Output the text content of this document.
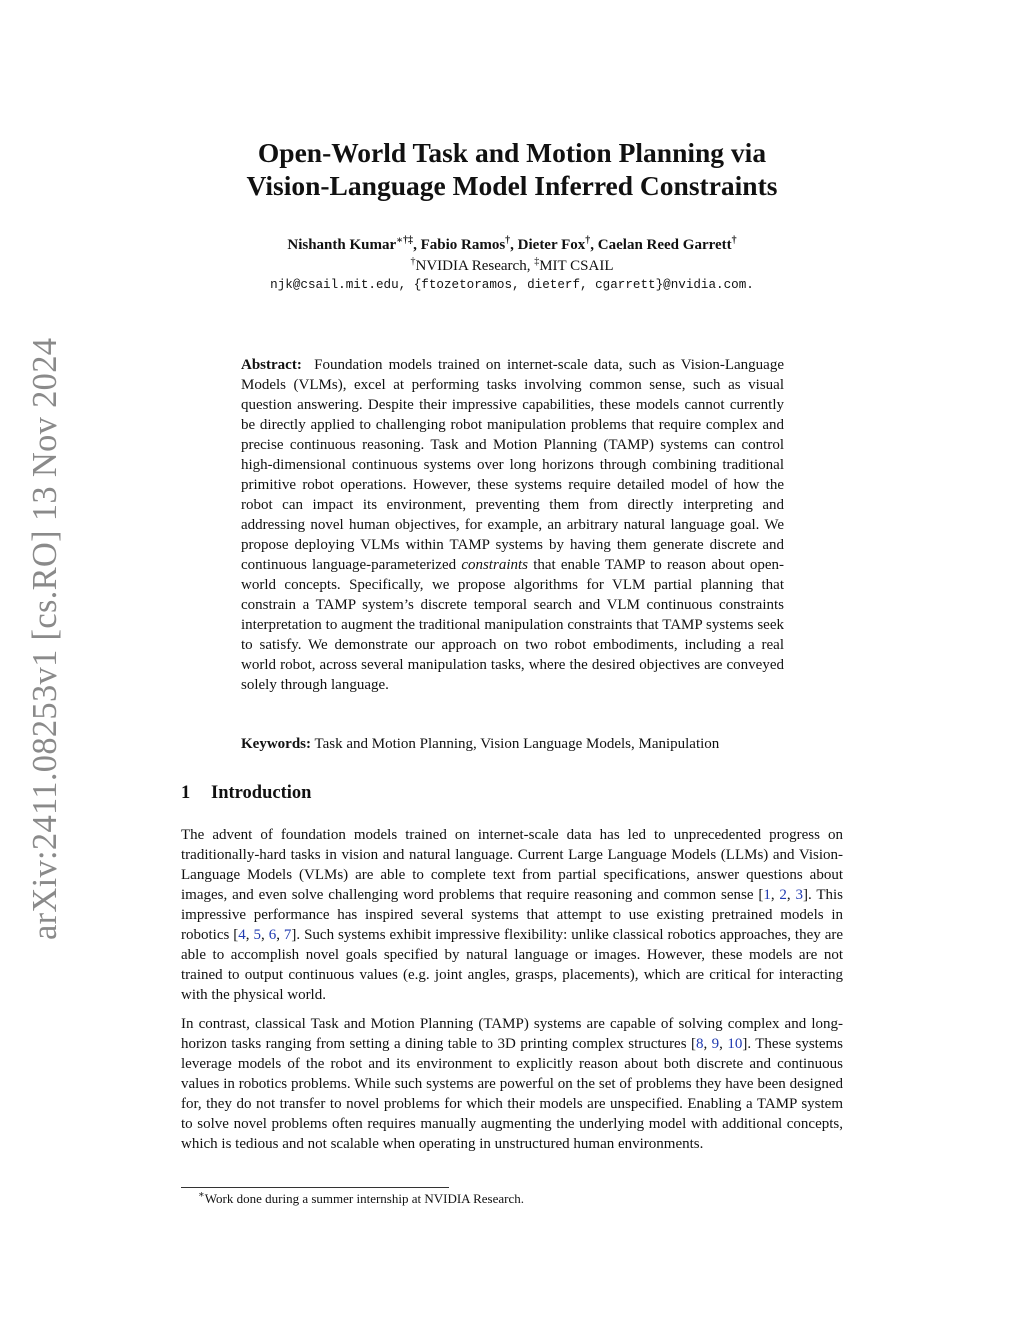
arXiv:2411.08253v1 [cs.RO] 13 Nov 2024
Open-World Task and Motion Planning via
Vision-Language Model Inferred Constraints
Nishanth Kumar∗†‡, Fabio Ramos†, Dieter Fox†, Caelan Reed Garrett†
†NVIDIA Research, ‡MIT CSAIL
njk@csail.mit.edu, {ftozetoramos, dieterf, cgarrett}@nvidia.com.
Abstract: Foundation models trained on internet-scale data, such as Vision-Language Models (VLMs), excel at performing tasks involving common sense, such as visual question answering. Despite their impressive capabilities, these models cannot currently be directly applied to challenging robot manipulation problems that require complex and precise continuous reasoning. Task and Motion Planning (TAMP) systems can control high-dimensional continuous systems over long horizons through combining traditional primitive robot operations. However, these systems require detailed model of how the robot can impact its environment, preventing them from directly interpreting and addressing novel human objectives, for example, an arbitrary natural language goal. We propose deploying VLMs within TAMP systems by having them generate discrete and continuous language-parameterized constraints that enable TAMP to reason about open-world concepts. Specifically, we propose algorithms for VLM partial planning that constrain a TAMP system’s discrete temporal search and VLM continuous constraints interpretation to augment the traditional manipulation constraints that TAMP systems seek to satisfy. We demonstrate our approach on two robot embodiments, including a real world robot, across several manipulation tasks, where the desired objectives are conveyed solely through language.
Keywords: Task and Motion Planning, Vision Language Models, Manipulation
1 Introduction
The advent of foundation models trained on internet-scale data has led to unprecedented progress on traditionally-hard tasks in vision and natural language. Current Large Language Models (LLMs) and Vision-Language Models (VLMs) are able to complete text from partial specifications, answer questions about images, and even solve challenging word problems that require reasoning and common sense [1, 2, 3]. This impressive performance has inspired several systems that attempt to use existing pretrained models in robotics [4, 5, 6, 7]. Such systems exhibit impressive flexibility: unlike classical robotics approaches, they are able to accomplish novel goals specified by natural language or images. However, these models are not trained to output continuous values (e.g. joint angles, grasps, placements), which are critical for interacting with the physical world.
In contrast, classical Task and Motion Planning (TAMP) systems are capable of solving complex and long-horizon tasks ranging from setting a dining table to 3D printing complex structures [8, 9, 10]. These systems leverage models of the robot and its environment to explicitly reason about both discrete and continuous values in robotics problems. While such systems are powerful on the set of problems they have been designed for, they do not transfer to novel problems for which their models are unspecified. Enabling a TAMP system to solve novel problems often requires manually augmenting the underlying model with additional concepts, which is tedious and not scalable when operating in unstructured human environments.
∗Work done during a summer internship at NVIDIA Research.
